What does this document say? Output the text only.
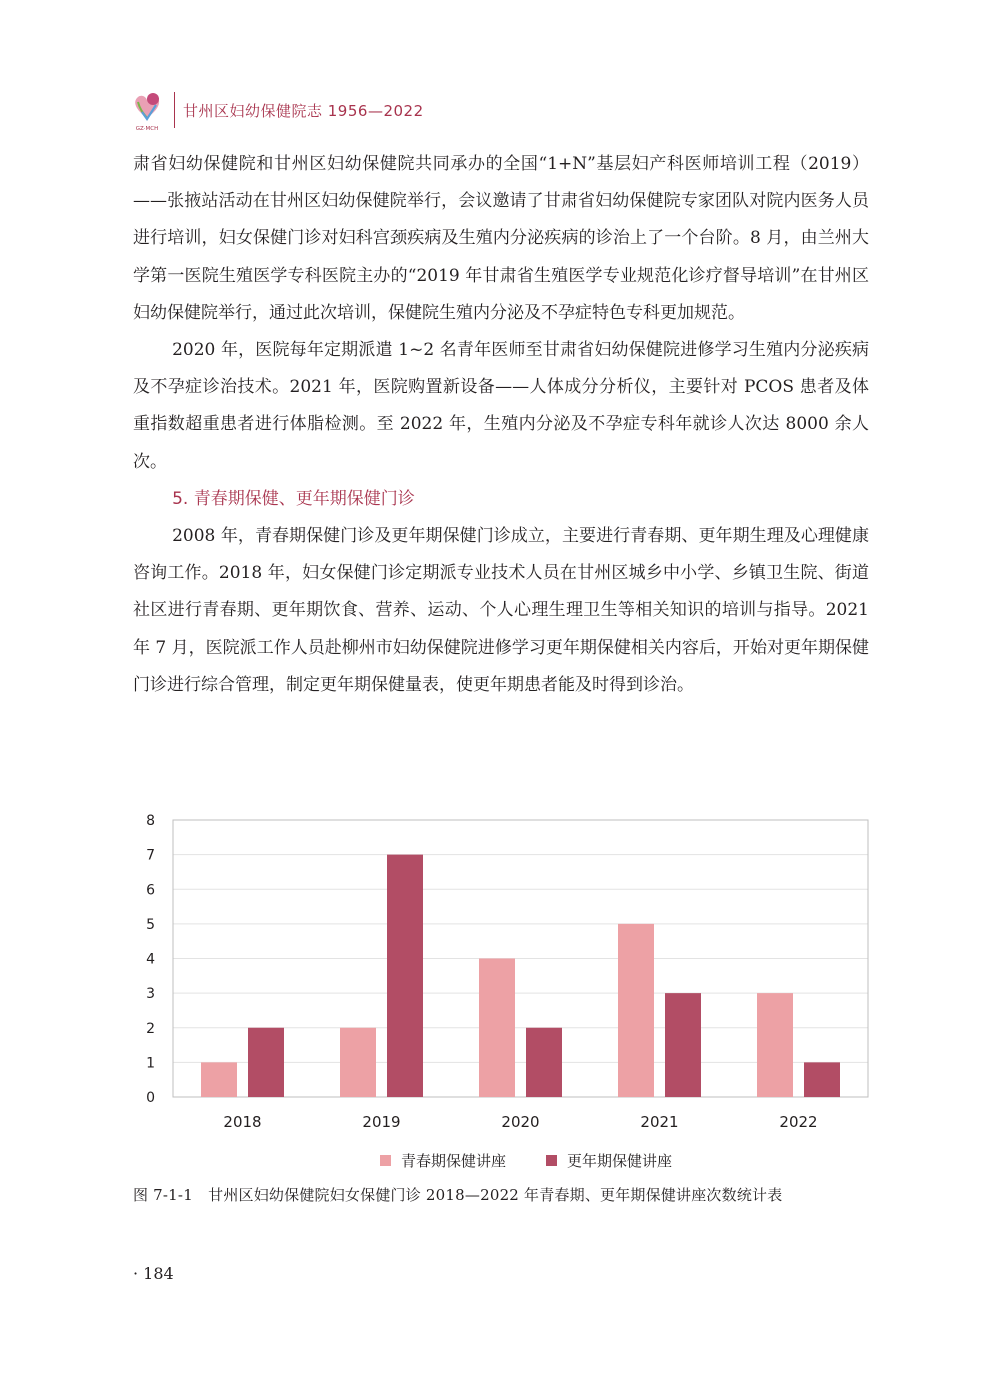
GZ·MCH
甘州区妇幼保健院志 1956—2022

肃省妇幼保健院和甘州区妇幼保健院共同承办的全国“1+N”基层妇产科医师培训工程（2019）——张掖站活动在甘州区妇幼保健院举行，会议邀请了甘肃省妇幼保健院专家团队对院内医务人员进行培训，妇女保健门诊对妇科宫颈疾病及生殖内分泌疾病的诊治上了一个台阶。8 月，由兰州大学第一医院生殖医学专科医院主办的“2019 年甘肃省生殖医学专业规范化诊疗督导培训”在甘州区妇幼保健院举行，通过此次培训，保健院生殖内分泌及不孕症特色专科更加规范。

2020 年，医院每年定期派遣 1~2 名青年医师至甘肃省妇幼保健院进修学习生殖内分泌疾病及不孕症诊治技术。2021 年，医院购置新设备——人体成分分析仪，主要针对 PCOS 患者及体重指数超重患者进行体脂检测。至 2022 年，生殖内分泌及不孕症专科年就诊人次达 8000 余人次。

5. 青春期保健、更年期保健门诊

2008 年，青春期保健门诊及更年期保健门诊成立，主要进行青春期、更年期生理及心理健康咨询工作。2018 年，妇女保健门诊定期派专业技术人员在甘州区城乡中小学、乡镇卫生院、街道社区进行青春期、更年期饮食、营养、运动、个人心理生理卫生等相关知识的培训与指导。2021 年 7 月，医院派工作人员赴柳州市妇幼保健院进修学习更年期保健相关内容后，开始对更年期保健门诊进行综合管理，制定更年期保健量表，使更年期患者能及时得到诊治。

0
1
2
3
4
5
6
7
8
2018	2019	2020	2021	2022
青春期保健讲座	更年期保健讲座
图 7-1-1　甘州区妇幼保健院妇女保健门诊 2018—2022 年青春期、更年期保健讲座次数统计表
· 184
